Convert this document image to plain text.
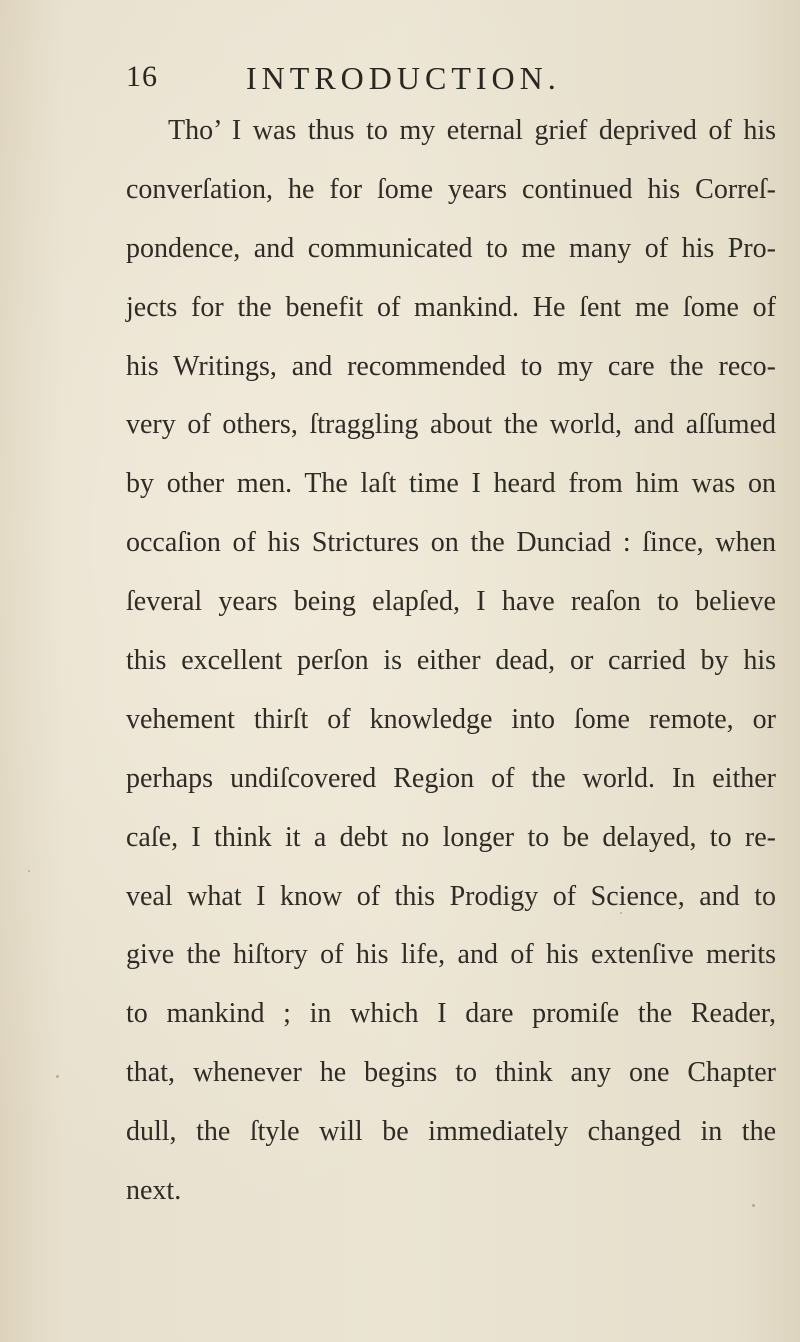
16	INTRODUCTION.
Tho’ I was thus to my eternal grief deprived of his
converſation, he for ſome years continued his Correſ-
pondence, and communicated to me many of his Pro-
jects for the benefit of mankind. He ſent me ſome of
his Writings, and recommended to my care the reco-
very of others, ſtraggling about the world, and aſſumed
by other men. The laſt time I heard from him was on
occaſion of his Strictures on the Dunciad : ſince, when
ſeveral years being elapſed, I have reaſon to believe
this excellent perſon is either dead, or carried by his
vehement thirſt of knowledge into ſome remote, or
perhaps undiſcovered Region of the world. In either
caſe, I think it a debt no longer to be delayed, to re-
veal what I know of this Prodigy of Science, and to
give the hiſtory of his life, and of his extenſive merits
to mankind ; in which I dare promiſe the Reader,
that, whenever he begins to think any one Chapter
dull, the ſtyle will be immediately changed in the
next.
